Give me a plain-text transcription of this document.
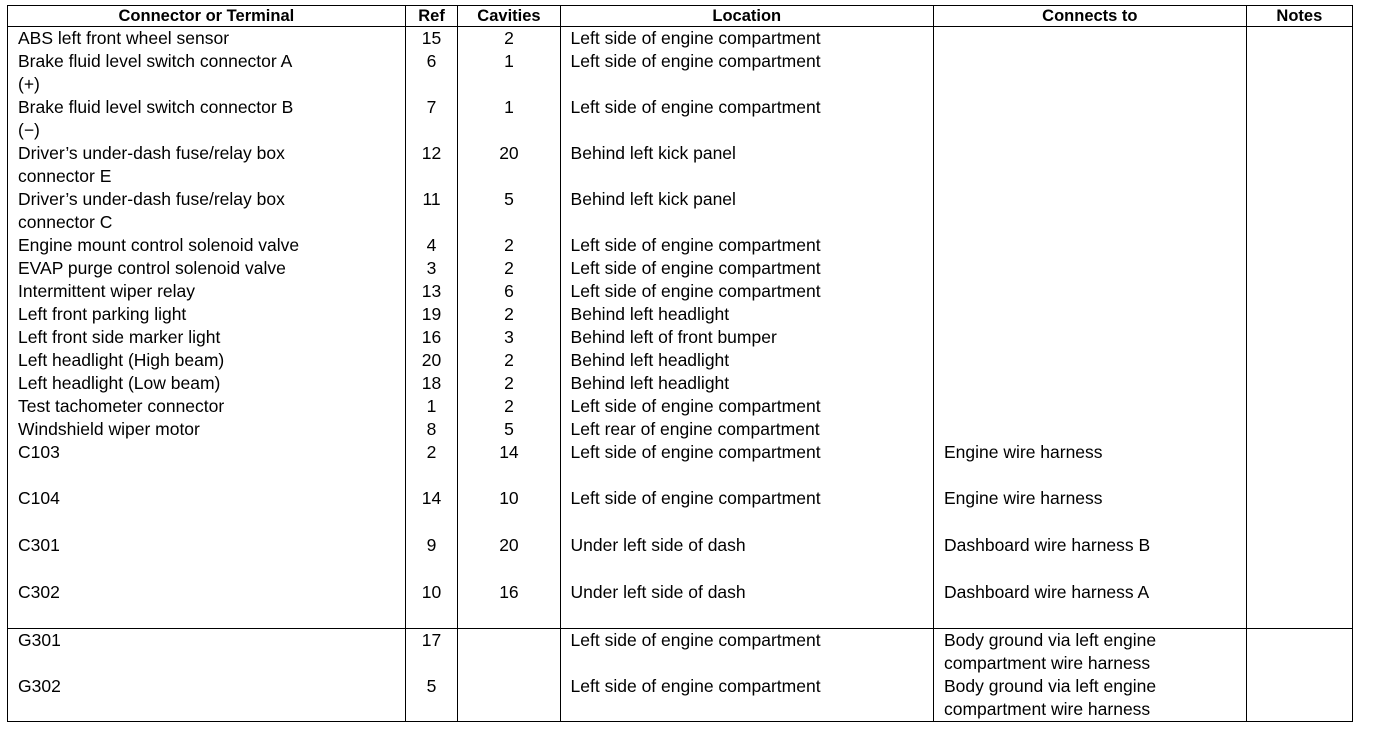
Connector or Terminal	Ref	Cavities	Location	Connects to	Notes
ABS left front wheel sensor	15	2	Left side of engine compartment		
Brake fluid level switch connector A
(+)	6	1	Left side of engine compartment		
Brake fluid level switch connector B
(−)	7	1	Left side of engine compartment		
Driver’s under-dash fuse/relay box
connector E	12	20	Behind left kick panel		
Driver’s under-dash fuse/relay box
connector C	11	5	Behind left kick panel		
Engine mount control solenoid valve	4	2	Left side of engine compartment		
EVAP purge control solenoid valve	3	2	Left side of engine compartment		
Intermittent wiper relay	13	6	Left side of engine compartment		
Left front parking light	19	2	Behind left headlight		
Left front side marker light	16	3	Behind left of front bumper		
Left headlight (High beam)	20	2	Behind left headlight		
Left headlight (Low beam)	18	2	Behind left headlight		
Test tachometer connector	1	2	Left side of engine compartment		
Windshield wiper motor	8	5	Left rear of engine compartment		
C103	2	14	Left side of engine compartment	Engine wire harness	
C104	14	10	Left side of engine compartment	Engine wire harness	
C301	9	20	Under left side of dash	Dashboard wire harness B	
C302	10	16	Under left side of dash	Dashboard wire harness A	
G301	17		Left side of engine compartment	Body ground via left engine
compartment wire harness	
G302	5		Left side of engine compartment	Body ground via left engine
compartment wire harness	
